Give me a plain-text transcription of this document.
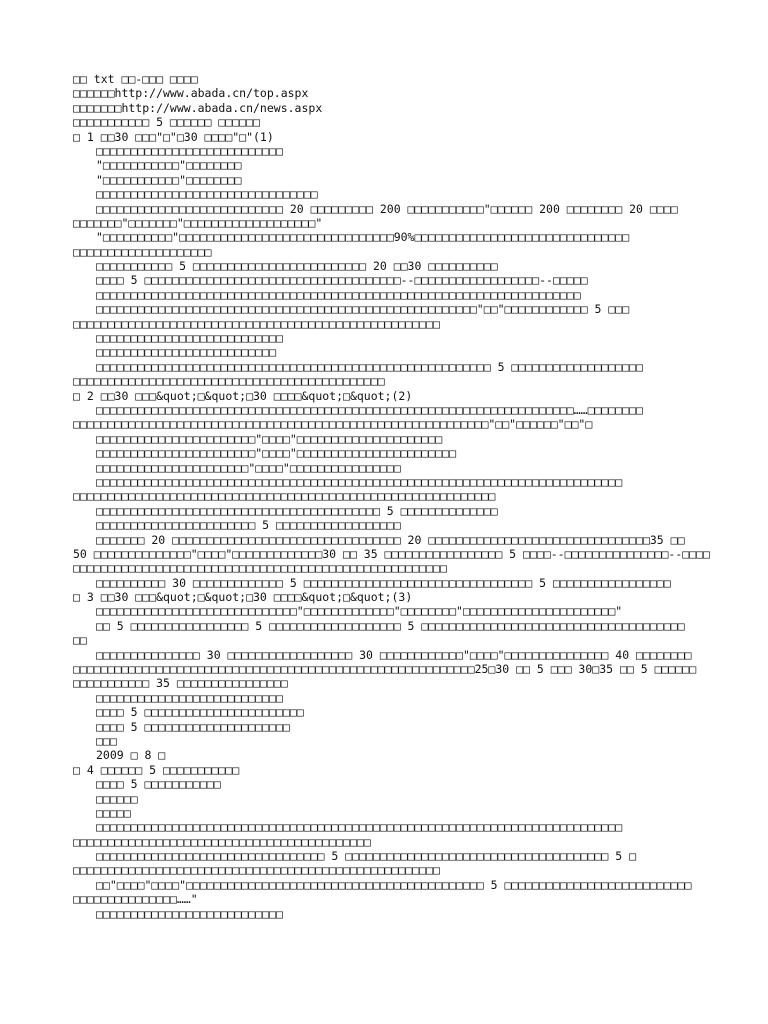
□□ txt □□-□□□ □□□□
□□□□□□http://www.abada.cn/top.aspx
□□□□□□□http://www.abada.cn/news.aspx
□□□□□□□□□□□ 5 □□□□□□ □□□□□□
□ 1 □□30 □□□"□"□30 □□□□"□"(1)
□□□□□□□□□□□□□□□□□□□□□□□□□□□
"□□□□□□□□□□□"□□□□□□□□
"□□□□□□□□□□□"□□□□□□□□
□□□□□□□□□□□□□□□□□□□□□□□□□□□□□□□□
□□□□□□□□□□□□□□□□□□□□□□□□□□□ 20 □□□□□□□□□ 200 □□□□□□□□□□□"□□□□□□ 200 □□□□□□□□ 20 □□□□
□□□□□□□"□□□□□□□"□□□□□□□□□□□□□□□□□□□"
"□□□□□□□□□□"□□□□□□□□□□□□□□□□□□□□□□□□□□□□□□□90%□□□□□□□□□□□□□□□□□□□□□□□□□□□□□□□
□□□□□□□□□□□□□□□□□□□□
□□□□□□□□□□□ 5 □□□□□□□□□□□□□□□□□□□□□□□□□ 20 □□30 □□□□□□□□□□
□□□□ 5 □□□□□□□□□□□□□□□□□□□□□□□□□□□□□□□□□□□□□--□□□□□□□□□□□□□□□□□□--□□□□□
□□□□□□□□□□□□□□□□□□□□□□□□□□□□□□□□□□□□□□□□□□□□□□□□□□□□□□□□□□□□□□□□□□□□□□
□□□□□□□□□□□□□□□□□□□□□□□□□□□□□□□□□□□□□□□□□□□□□□□□□□□□□□□"□□"□□□□□□□□□□□□ 5 □□□
□□□□□□□□□□□□□□□□□□□□□□□□□□□□□□□□□□□□□□□□□□□□□□□□□□□□□
□□□□□□□□□□□□□□□□□□□□□□□□□□□
□□□□□□□□□□□□□□□□□□□□□□□□□□
□□□□□□□□□□□□□□□□□□□□□□□□□□□□□□□□□□□□□□□□□□□□□□□□□□□□□□□□□ 5 □□□□□□□□□□□□□□□□□□□
□□□□□□□□□□□□□□□□□□□□□□□□□□□□□□□□□□□□□□□□□□□□□
□ 2 □□30 □□□&quot;□&quot;□30 □□□□&quot;□&quot;(2)
□□□□□□□□□□□□□□□□□□□□□□□□□□□□□□□□□□□□□□□□□□□□□□□□□□□□□□□□□□□□□□□□□□□□□……□□□□□□□□
□□□□□□□□□□□□□□□□□□□□□□□□□□□□□□□□□□□□□□□□□□□□□□□□□□□□□□□□□□□□"□□"□□□□□□"□□"□
□□□□□□□□□□□□□□□□□□□□□□□"□□□□"□□□□□□□□□□□□□□□□□□□□□
□□□□□□□□□□□□□□□□□□□□□□□"□□□□"□□□□□□□□□□□□□□□□□□□□□□□
□□□□□□□□□□□□□□□□□□□□□□"□□□□"□□□□□□□□□□□□□□□□
□□□□□□□□□□□□□□□□□□□□□□□□□□□□□□□□□□□□□□□□□□□□□□□□□□□□□□□□□□□□□□□□□□□□□□□□□□□□
□□□□□□□□□□□□□□□□□□□□□□□□□□□□□□□□□□□□□□□□□□□□□□□□□□□□□□□□□□□□□
□□□□□□□□□□□□□□□□□□□□□□□□□□□□□□□□□□□□□□□□□ 5 □□□□□□□□□□□□□□
□□□□□□□□□□□□□□□□□□□□□□□ 5 □□□□□□□□□□□□□□□□□□
□□□□□□□ 20 □□□□□□□□□□□□□□□□□□□□□□□□□□□□□□□□□ 20 □□□□□□□□□□□□□□□□□□□□□□□□□□□□□□□□35 □□
50 □□□□□□□□□□□□□□"□□□□"□□□□□□□□□□□□□30 □□ 35 □□□□□□□□□□□□□□□□□ 5 □□□□--□□□□□□□□□□□□□□□--□□□□
□□□□□□□□□□□□□□□□□□□□□□□□□□□□□□□□□□□□□□□□□□□□□□□□□□□□□□
□□□□□□□□□□ 30 □□□□□□□□□□□□□ 5 □□□□□□□□□□□□□□□□□□□□□□□□□□□□□□□□□ 5 □□□□□□□□□□□□□□□□□
□ 3 □□30 □□□&quot;□&quot;□30 □□□□&quot;□&quot;(3)
□□□□□□□□□□□□□□□□□□□□□□□□□□□□□"□□□□□□□□□□□□□"□□□□□□□□"□□□□□□□□□□□□□□□□□□□□□□"
□□ 5 □□□□□□□□□□□□□□□□□ 5 □□□□□□□□□□□□□□□□□□□ 5 □□□□□□□□□□□□□□□□□□□□□□□□□□□□□□□□□□□□□□
□□
□□□□□□□□□□□□□□□ 30 □□□□□□□□□□□□□□□□□□ 30 □□□□□□□□□□□□"□□□□"□□□□□□□□□□□□□□□ 40 □□□□□□□□
□□□□□□□□□□□□□□□□□□□□□□□□□□□□□□□□□□□□□□□□□□□□□□□□□□□□□□□□□□25□30 □□ 5 □□□ 30□35 □□ 5 □□□□□□
□□□□□□□□□□□ 35 □□□□□□□□□□□□□□□□
□□□□□□□□□□□□□□□□□□□□□□□□□□□
□□□□ 5 □□□□□□□□□□□□□□□□□□□□□□□
□□□□ 5 □□□□□□□□□□□□□□□□□□□□□
□□□
2009 □ 8 □
□ 4 □□□□□□ 5 □□□□□□□□□□□
□□□□ 5 □□□□□□□□□□□
□□□□□□
□□□□□
□□□□□□□□□□□□□□□□□□□□□□□□□□□□□□□□□□□□□□□□□□□□□□□□□□□□□□□□□□□□□□□□□□□□□□□□□□□□
□□□□□□□□□□□□□□□□□□□□□□□□□□□□□□□□□□□□□□□□□□□
□□□□□□□□□□□□□□□□□□□□□□□□□□□□□□□□□ 5 □□□□□□□□□□□□□□□□□□□□□□□□□□□□□□□□□□□□□□ 5 □
□□□□□□□□□□□□□□□□□□□□□□□□□□□□□□□□□□□□□□□□□□□□□□□□□□□□□
□□"□□□□"□□□□"□□□□□□□□□□□□□□□□□□□□□□□□□□□□□□□□□□□□□□□□□□□ 5 □□□□□□□□□□□□□□□□□□□□□□□□□□□
□□□□□□□□□□□□□□□……"
□□□□□□□□□□□□□□□□□□□□□□□□□□□
